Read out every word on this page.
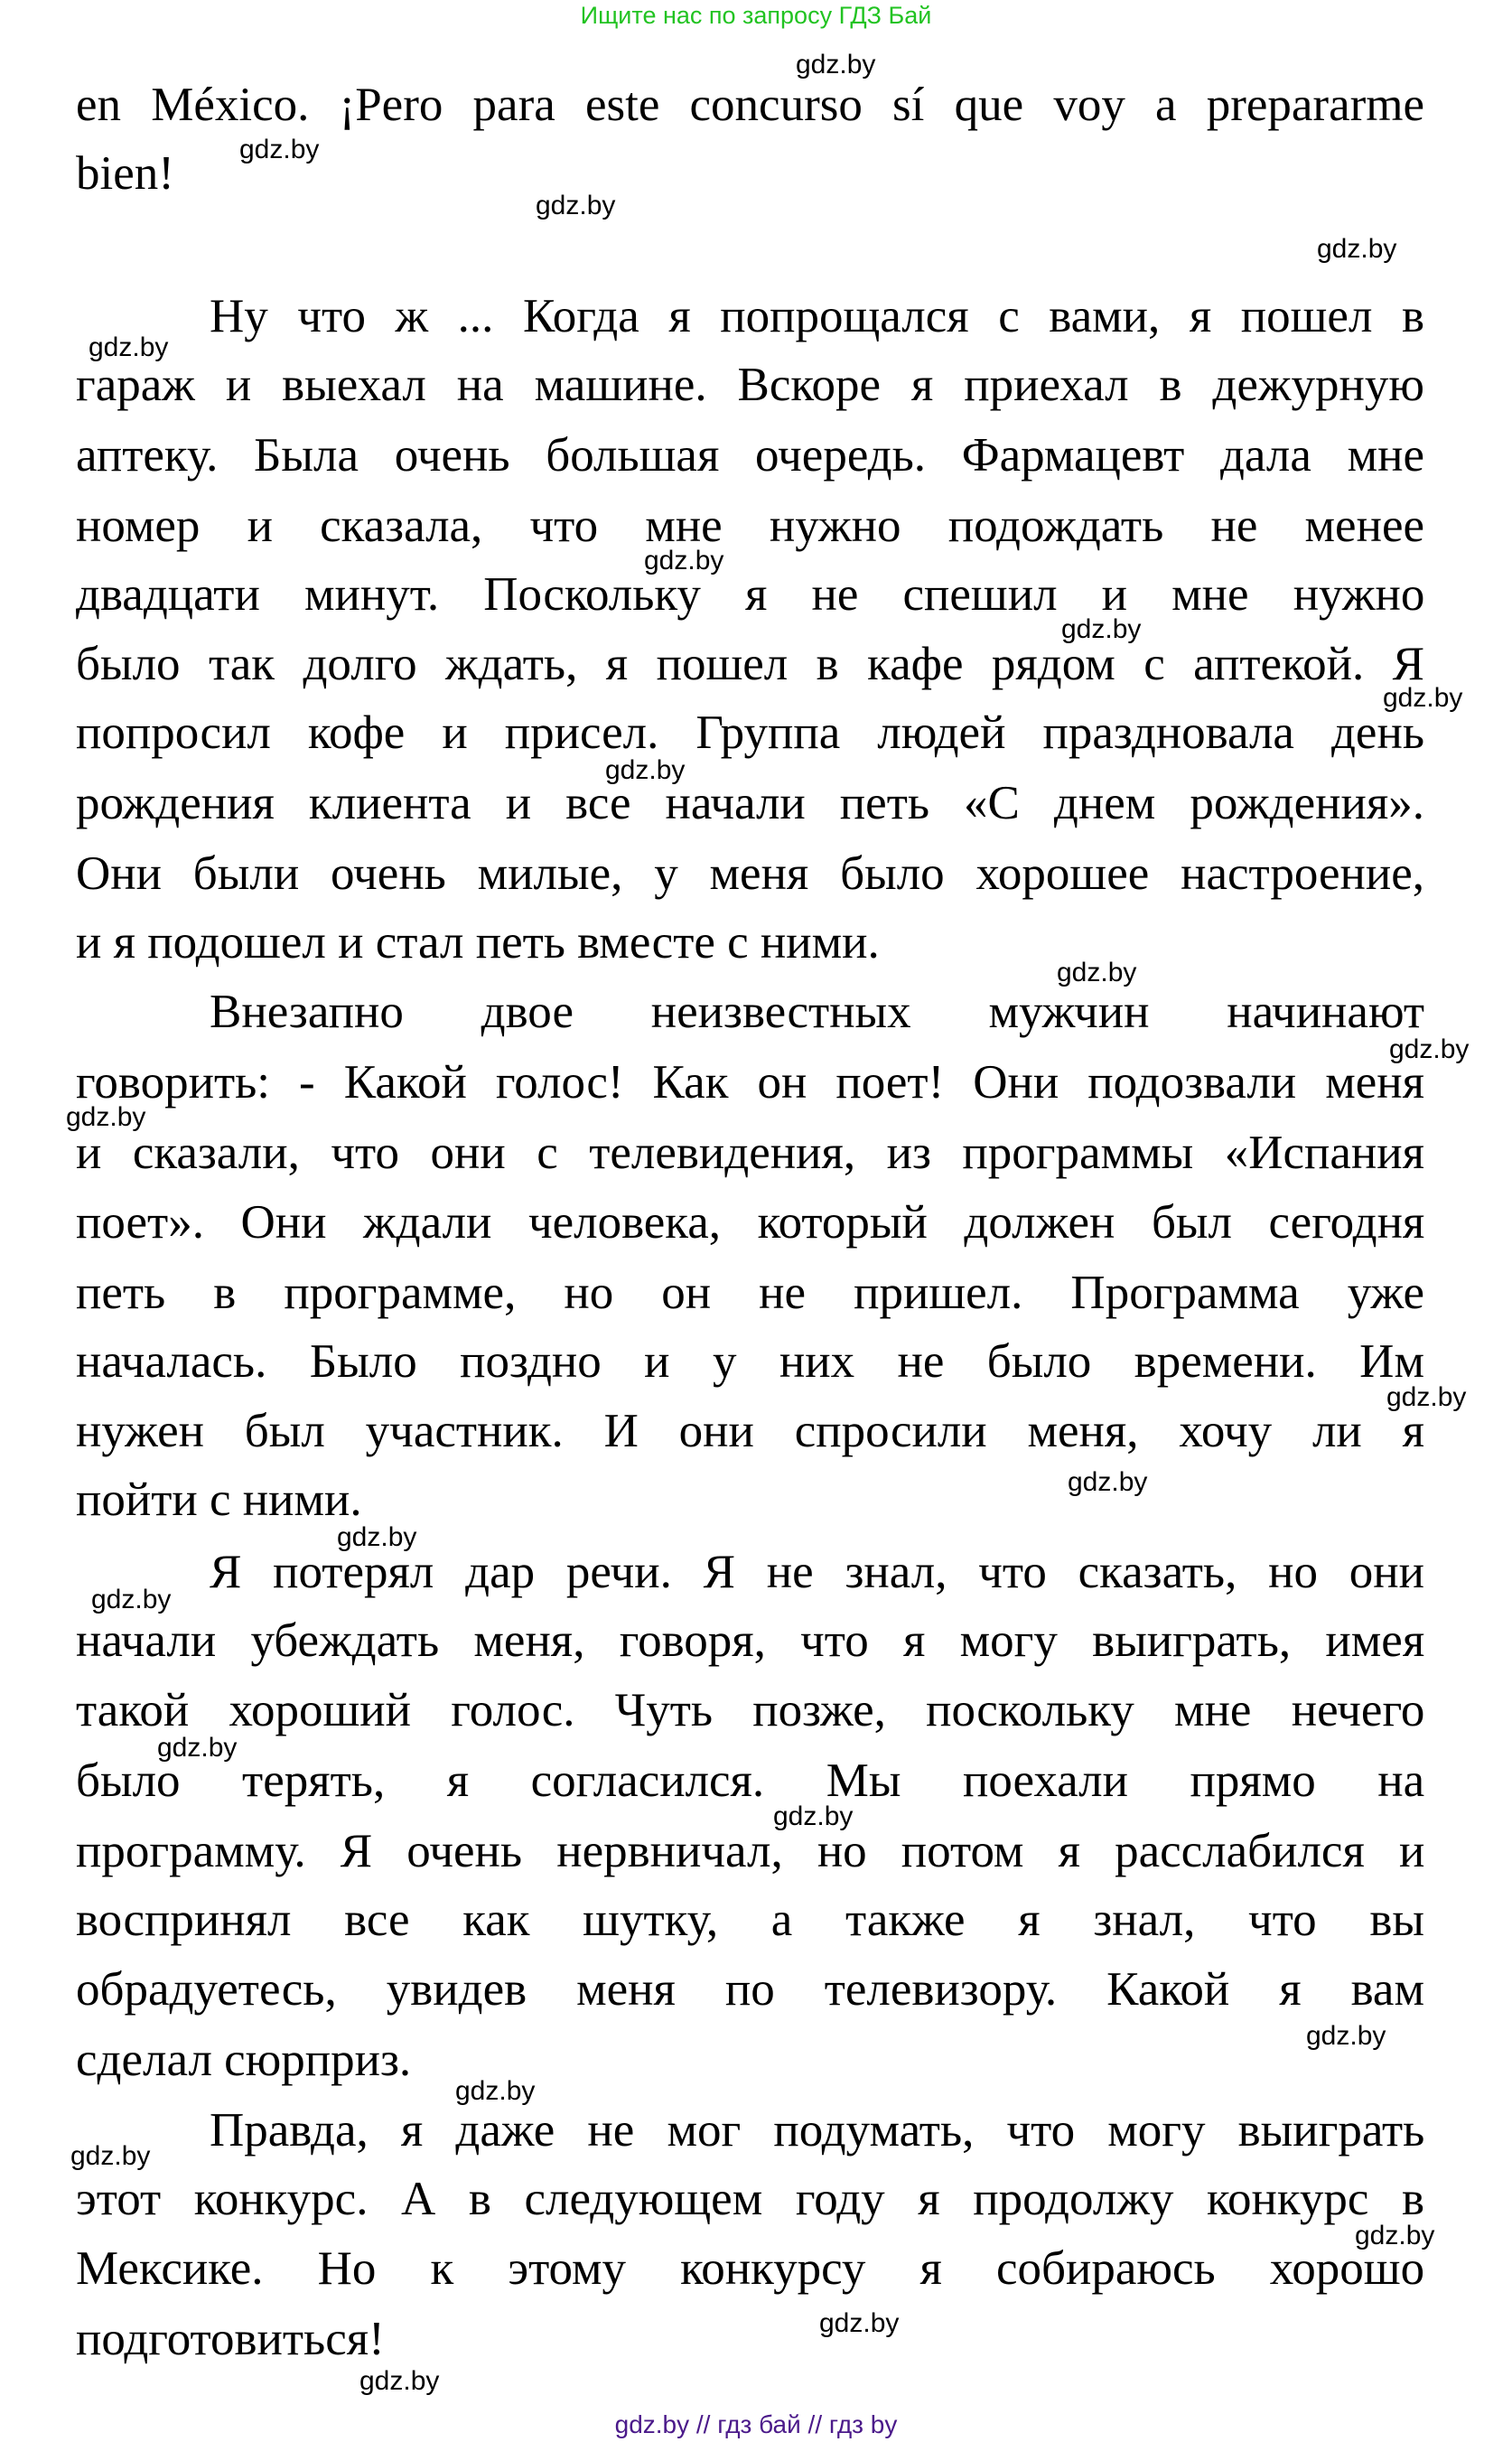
Ищите нас по запросу ГДЗ Бай
en México. ¡Pero para este concurso sí que voy a prepararme
bien!
Ну что ж ... Когда я попрощался с вами, я пошел в
гараж и выехал на машине. Вскоре я приехал в дежурную
аптеку. Была очень большая очередь. Фармацевт дала мне
номер и сказала, что мне нужно подождать не менее
двадцати минут. Поскольку я не спешил и мне нужно
было так долго ждать, я пошел в кафе рядом с аптекой. Я
попросил кофе и присел. Группа людей праздновала день
рождения клиента и все начали петь «С днем рождения».
Они были очень милые, у меня было хорошее настроение,
и я подошел и стал петь вместе с ними.
Внезапно двое неизвестных мужчин начинают
говорить: - Какой голос! Как он поет! Они подозвали меня
и сказали, что они с телевидения, из программы «Испания
поет». Они ждали человека, который должен был сегодня
петь в программе, но он не пришел. Программа уже
началась. Было поздно и у них не было времени. Им
нужен был участник. И они спросили меня, хочу ли я
пойти с ними.
Я потерял дар речи. Я не знал, что сказать, но они
начали убеждать меня, говоря, что я могу выиграть, имея
такой хороший голос. Чуть позже, поскольку мне нечего
было терять, я согласился. Мы поехали прямо на
программу. Я очень нервничал, но потом я расслабился и
воспринял все как шутку, а также я знал, что вы
обрадуетесь, увидев меня по телевизору. Какой я вам
сделал сюрприз.
Правда, я даже не мог подумать, что могу выиграть
этот конкурс. А в следующем году я продолжу конкурс в
Мексике. Но к этому конкурсу я собираюсь хорошо
подготовиться!
gdz.by
gdz.by
gdz.by
gdz.by
gdz.by
gdz.by
gdz.by
gdz.by
gdz.by
gdz.by
gdz.by
gdz.by
gdz.by
gdz.by
gdz.by
gdz.by
gdz.by
gdz.by
gdz.by
gdz.by
gdz.by
gdz.by
gdz.by
gdz.by
gdz.by // гдз бай // гдз by
